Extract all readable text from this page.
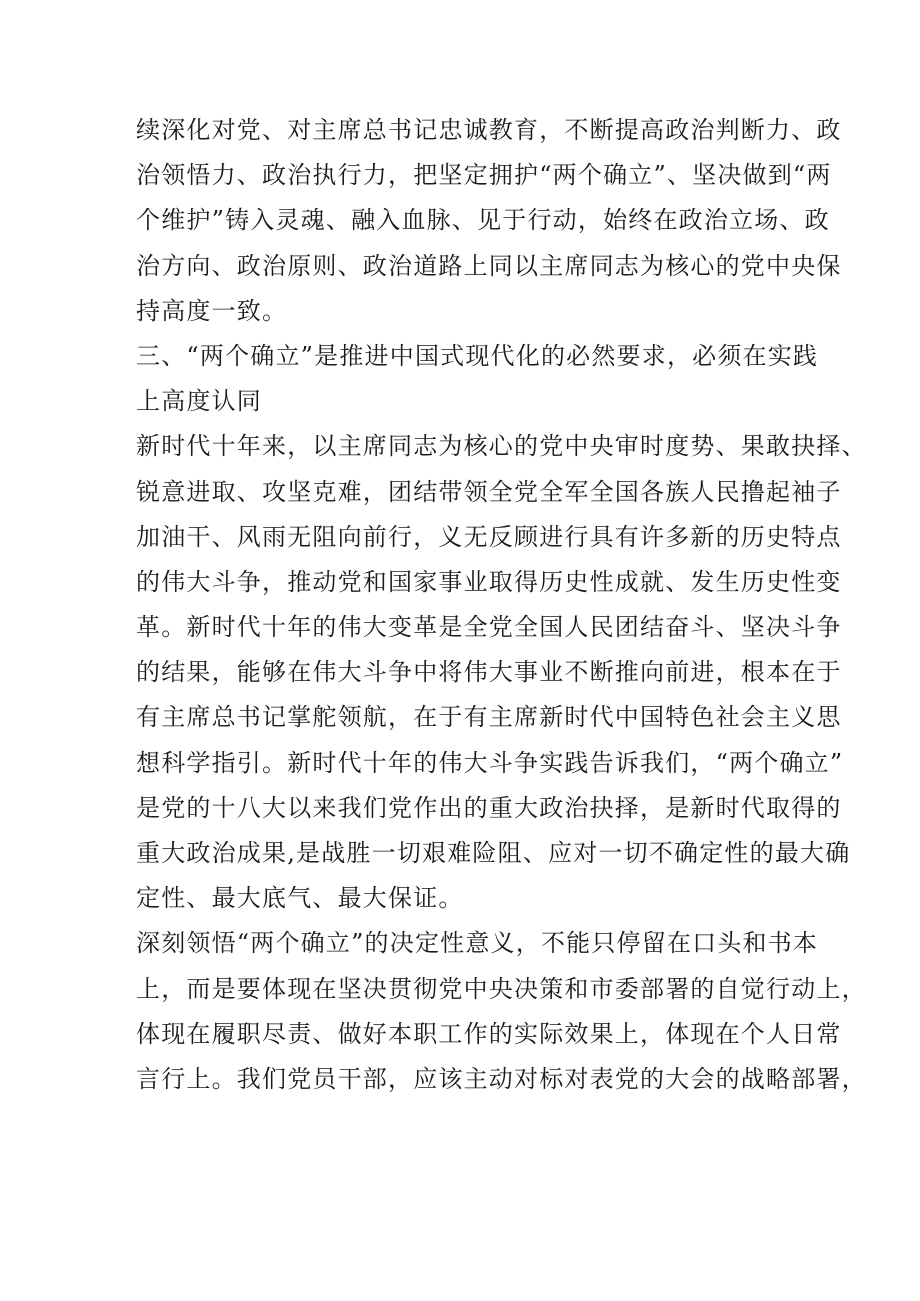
续深化对党、对主席总书记忠诚教育，不断提高政治判断力、政
治领悟力、政治执行力，把坚定拥护“两个确立”、坚决做到“两
个维护”铸入灵魂、融入血脉、见于行动，始终在政治立场、政
治方向、政治原则、政治道路上同以主席同志为核心的党中央保
持高度一致。
三、“两个确立”是推进中国式现代化的必然要求，必须在实践
上高度认同
新时代十年来，以主席同志为核心的党中央审时度势、果敢抉择、
锐意进取、攻坚克难，团结带领全党全军全国各族人民撸起袖子
加油干、风雨无阻向前行，义无反顾进行具有许多新的历史特点
的伟大斗争，推动党和国家事业取得历史性成就、发生历史性变
革。新时代十年的伟大变革是全党全国人民团结奋斗、坚决斗争
的结果，能够在伟大斗争中将伟大事业不断推向前进，根本在于
有主席总书记掌舵领航，在于有主席新时代中国特色社会主义思
想科学指引。新时代十年的伟大斗争实践告诉我们，“两个确立”
是党的十八大以来我们党作出的重大政治抉择，是新时代取得的
重大政治成果,是战胜一切艰难险阻、应对一切不确定性的最大确
定性、最大底气、最大保证。
深刻领悟“两个确立”的决定性意义，不能只停留在口头和书本
上，而是要体现在坚决贯彻党中央决策和市委部署的自觉行动上，
体现在履职尽责、做好本职工作的实际效果上，体现在个人日常
言行上。我们党员干部，应该主动对标对表党的大会的战略部署，
